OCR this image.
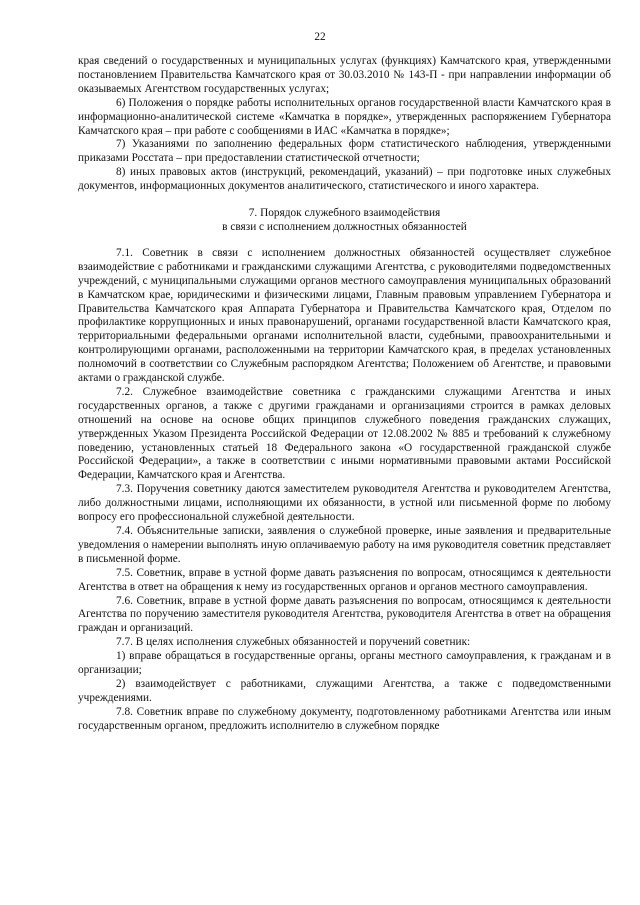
22

края сведений о государственных и муниципальных услугах (функциях) Камчатского края, утвержденными постановлением Правительства Камчатского края от 30.03.2010 № 143-П - при направлении информации об оказываемых Агентством государственных услугах;

6) Положения о порядке работы исполнительных органов государственной власти Камчатского края в информационно-аналитической системе «Камчатка в порядке», утвержденных распоряжением Губернатора Камчатского края – при работе с сообщениями в ИАС «Камчатка в порядке»;

7) Указаниями по заполнению федеральных форм статистического наблюдения, утвержденными приказами Росстата – при предоставлении статистической отчетности;

8) иных правовых актов (инструкций, рекомендаций, указаний) – при подготовке иных служебных документов, информационных документов аналитического, статистического и иного характера.

7. Порядок служебного взаимодействия

в связи с исполнением должностных обязанностей

7.1. Советник в связи с исполнением должностных обязанностей осуществляет служебное взаимодействие с работниками и гражданскими служащими Агентства, с руководителями подведомственных учреждений, с муниципальными служащими органов местного самоуправления муниципальных образований в Камчатском крае, юридическими и физическими лицами, Главным правовым управлением Губернатора и Правительства Камчатского края Аппарата Губернатора и Правительства Камчатского края, Отделом по профилактике коррупционных и иных правонарушений, органами государственной власти Камчатского края, территориальными федеральными органами исполнительной власти, судебными, правоохранительными и контролирующими органами, расположенными на территории Камчатского края, в пределах установленных полномочий в соответствии со Служебным распорядком Агентства; Положением об Агентстве, и правовыми актами о гражданской службе.

7.2. Служебное взаимодействие советника с гражданскими служащими Агентства и иных государственных органов, а также с другими гражданами и организациями строится в рамках деловых отношений на основе на основе общих принципов служебного поведения гражданских служащих, утвержденных Указом Президента Российской Федерации от 12.08.2002 № 885 и требований к служебному поведению, установленных статьей 18 Федерального закона «О государственной гражданской службе Российской Федерации», а также в соответствии с иными нормативными правовыми актами Российской Федерации, Камчатского края и Агентства.

7.3. Поручения советнику даются заместителем руководителя Агентства и руководителем Агентства, либо должностными лицами, исполняющими их обязанности, в устной или письменной форме по любому вопросу его профессиональной служебной деятельности.

7.4. Объяснительные записки, заявления о служебной проверке, иные заявления и предварительные уведомления о намерении выполнять иную оплачиваемую работу на имя руководителя советник представляет в письменной форме.

7.5. Советник, вправе в устной форме давать разъяснения по вопросам, относящимся к деятельности Агентства в ответ на обращения к нему из государственных органов и органов местного самоуправления.

7.6. Советник, вправе в устной форме давать разъяснения по вопросам, относящимся к деятельности Агентства по поручению заместителя руководителя Агентства, руководителя Агентства в ответ на обращения граждан и организаций.

7.7. В целях исполнения служебных обязанностей и поручений советник:

1) вправе обращаться в государственные органы, органы местного самоуправления, к гражданам и в организации;

2) взаимодействует с работниками, служащими Агентства, а также с подведомственными учреждениями.

7.8. Советник вправе по служебному документу, подготовленному работниками Агентства или иным государственным органом, предложить исполнителю в служебном порядке
